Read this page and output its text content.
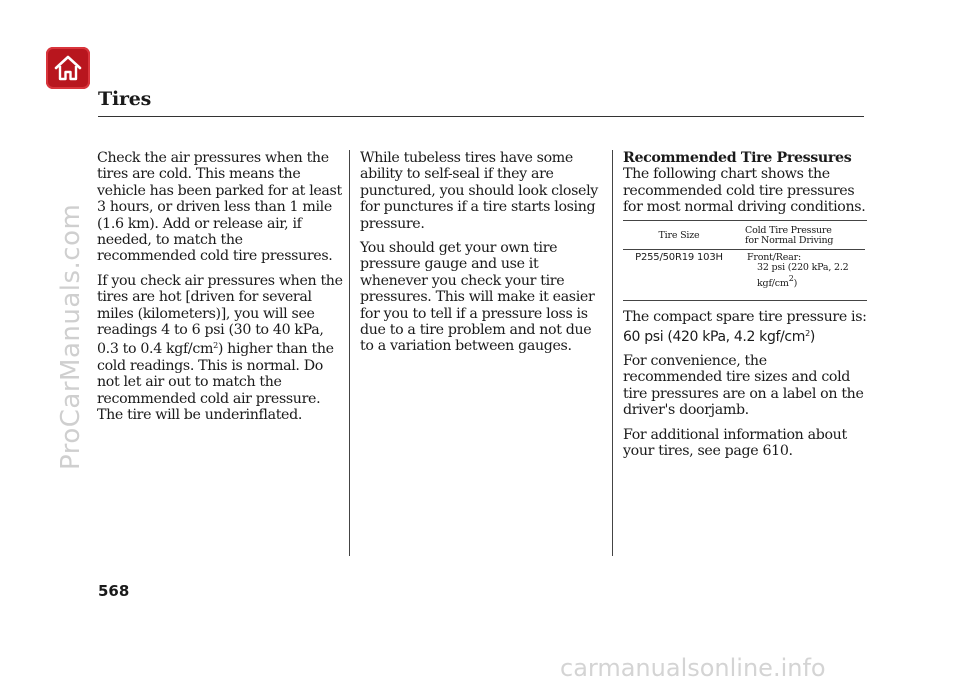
Tires

Check the air pressures when the tires are cold. This means the vehicle has been parked for at least 3 hours, or driven less than 1 mile (1.6 km). Add or release air, if needed, to match the recommended cold tire pressures.

If you check air pressures when the tires are hot [driven for several miles (kilometers)], you will see readings 4 to 6 psi (30 to 40 kPa, 0.3 to 0.4 kgf/$cm^2$) higher than the cold readings. This is normal. Do not let air out to match the recommended cold air pressure. The tire will be underinflated.

While tubeless tires have some ability to self-seal if they are punctured, you should look closely for punctures if a tire starts losing pressure.

You should get your own tire pressure gauge and use it whenever you check your tire pressures. This will make it easier for you to tell if a pressure loss is due to a tire problem and not due to a variation between gauges.

Recommended Tire Pressures

The following chart shows the recommended cold tire pressures for most normal driving conditions.

Tire Size	Cold Tire Pressure
for Normal Driving
P255/50R19 103H	Front/Rear:
32 psi (220 kPa, 2.2 kgf/$cm^2$)

The compact spare tire pressure is:
60 psi (420 kPa, 4.2 kgf/$cm^2$)

For convenience, the recommended tire sizes and cold tire pressures are on a label on the driver's doorjamb.

For additional information about your tires, see page 610.

568

ProCarManuals.com

carmanualsonline.info
